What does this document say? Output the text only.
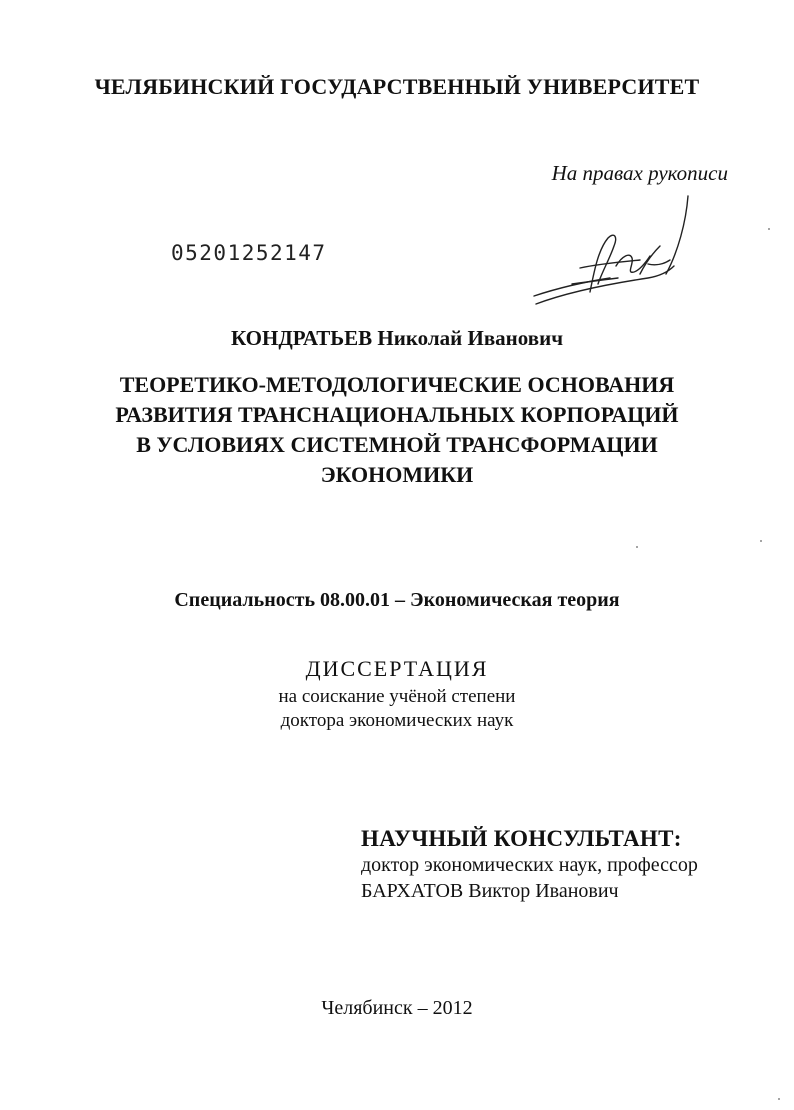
ЧЕЛЯБИНСКИЙ ГОСУДАРСТВЕННЫЙ УНИВЕРСИТЕТ
На правах рукописи
05201252147
КОНДРАТЬЕВ Николай Иванович
ТЕОРЕТИКО-МЕТОДОЛОГИЧЕСКИЕ ОСНОВАНИЯ
РАЗВИТИЯ ТРАНСНАЦИОНАЛЬНЫХ КОРПОРАЦИЙ
В УСЛОВИЯХ СИСТЕМНОЙ ТРАНСФОРМАЦИИ
ЭКОНОМИКИ
Специальность 08.00.01 – Экономическая теория
ДИССЕРТАЦИЯ
на соискание учёной степени
доктора экономических наук
НАУЧНЫЙ КОНСУЛЬТАНТ:
доктор экономических наук, профессор
БАРХАТОВ Виктор Иванович
Челябинск – 2012
